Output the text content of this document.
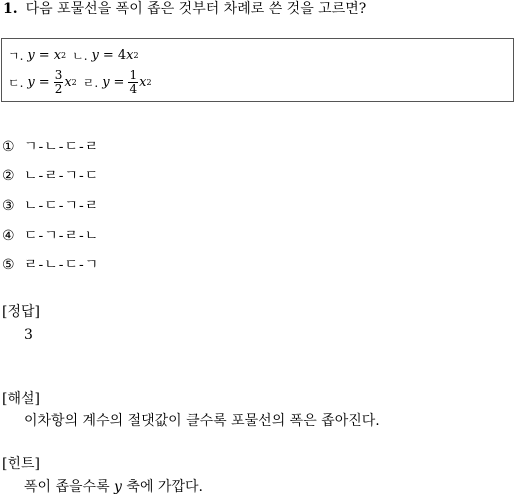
1. 다음 포물선을 폭이 좁은 것부터 차례로 쓴 것을 고르면?
ㄱ. y = x 2 ㄴ. y = 4 x 2
ㄷ. $y = \frac{3}{2}$ x 2 ㄹ. $y = \frac{1}{4}$ x 2
① ㄱ-ㄴ-ㄷ-ㄹ
② ㄴ-ㄹ-ㄱ-ㄷ
③ ㄴ-ㄷ-ㄱ-ㄹ
④ ㄷ-ㄱ-ㄹ-ㄴ
⑤ ㄹ-ㄴ-ㄷ-ㄱ
[정답]
3
[해설]
이차항의 계수의 절댓값이 클수록 포물선의 폭은 좁아진다.
[힌트]
폭이 좁을수록 y 축에 가깝다.
